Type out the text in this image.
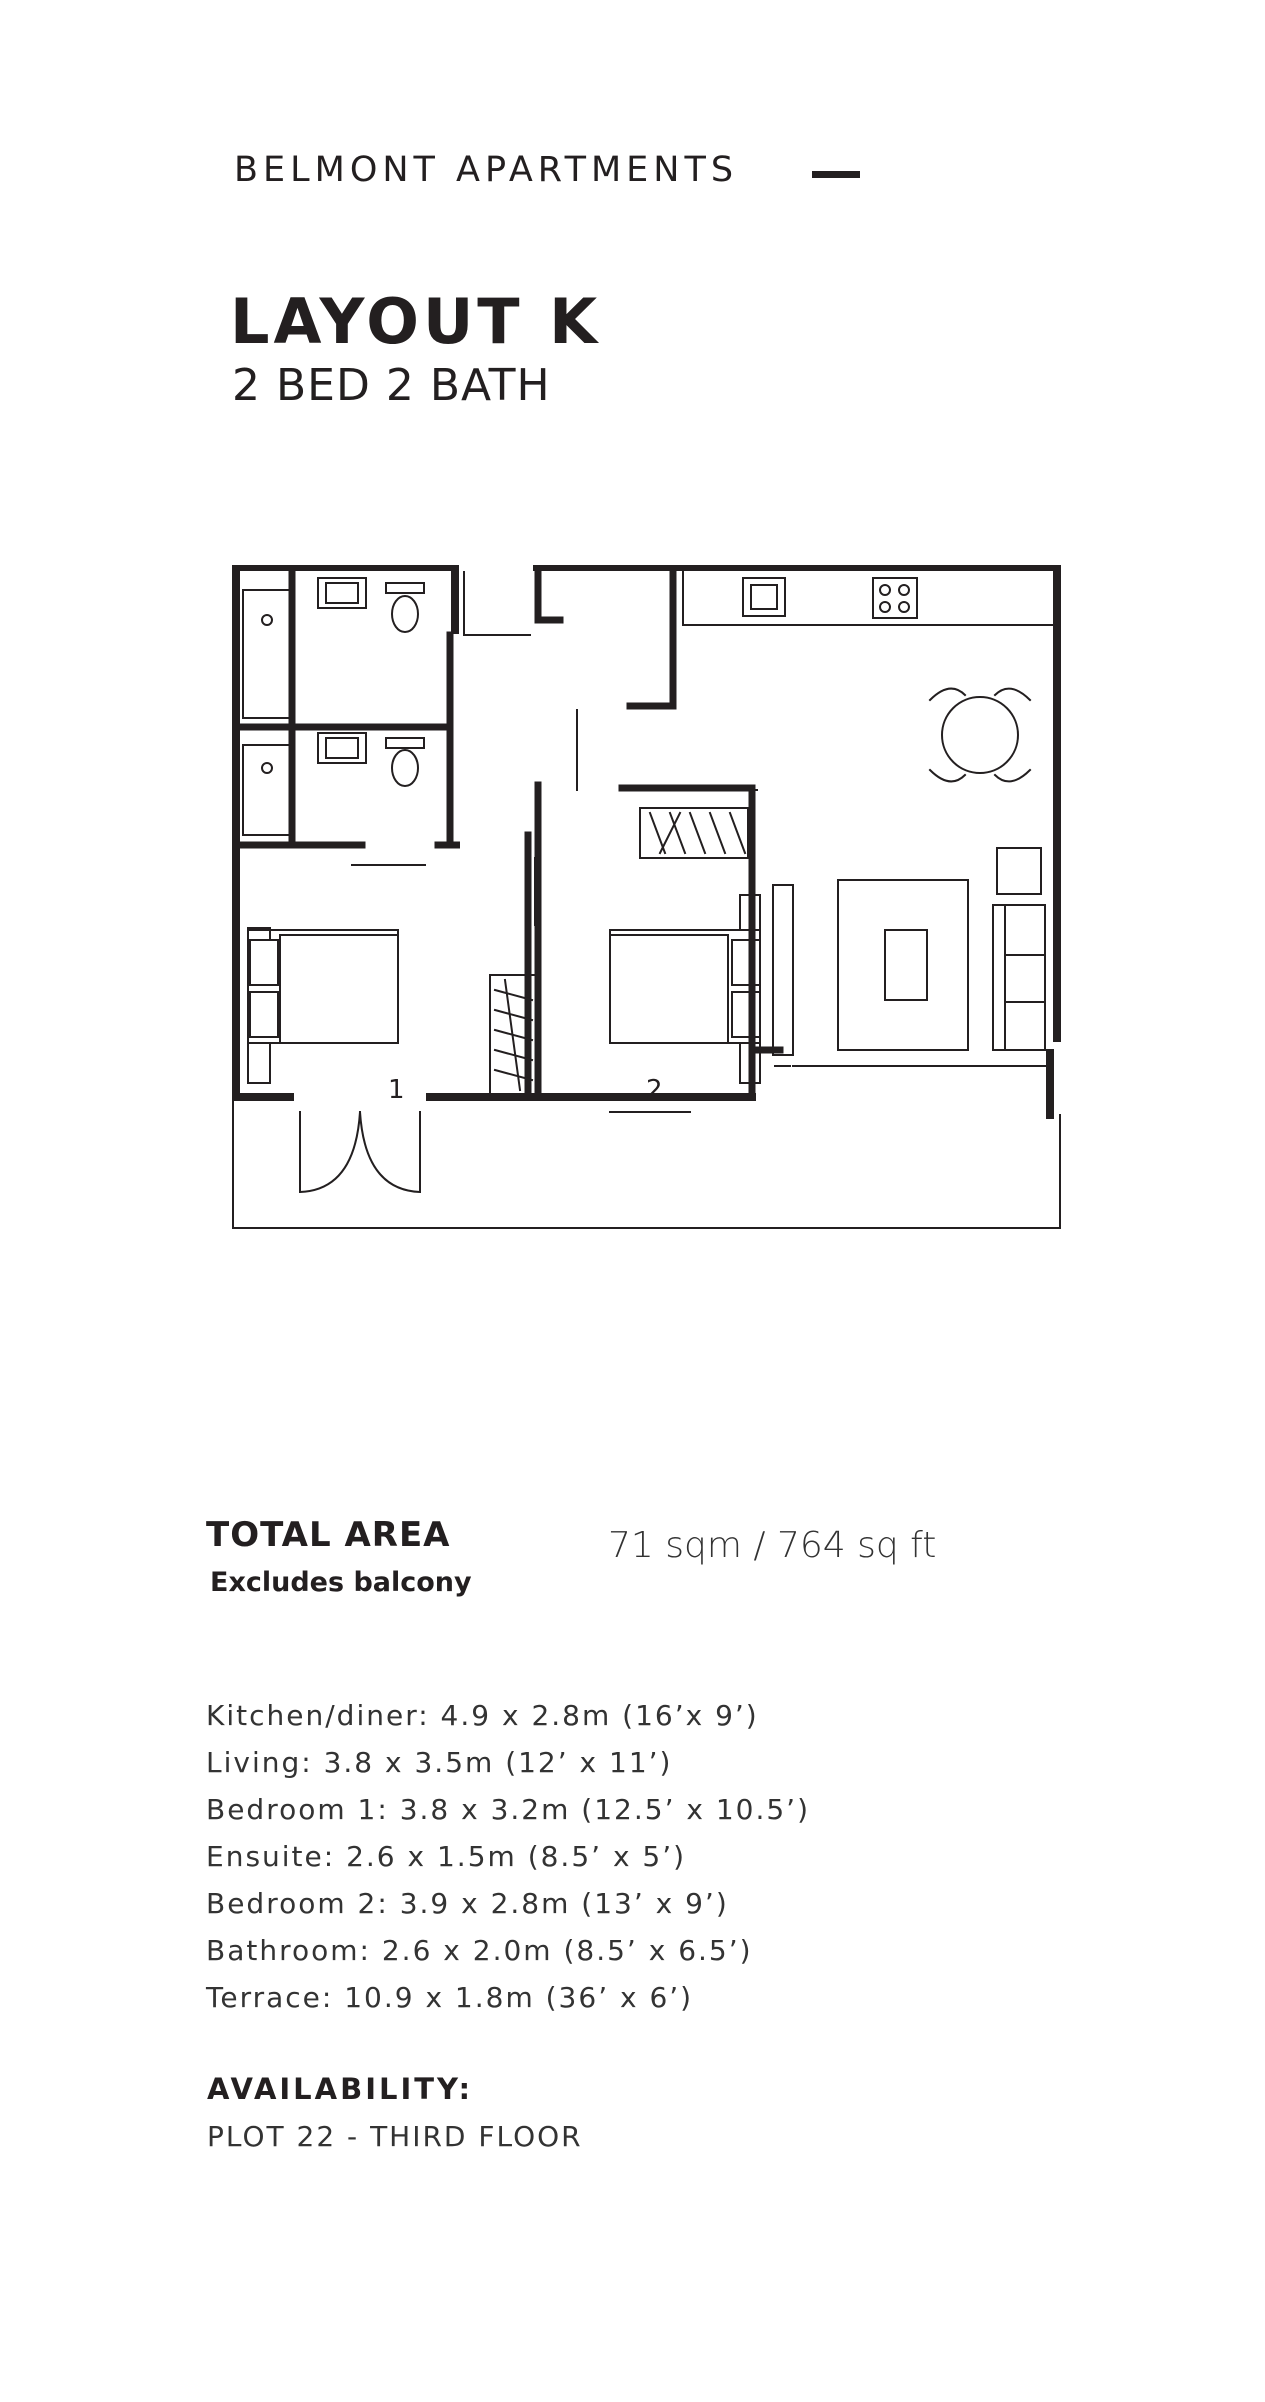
BELMONT APARTMENTS
LAYOUT K
2 BED 2 BATH
1	2
TOTAL AREA
Excludes balcony
71 sqm / 764 sq ft
Kitchen/diner: 4.9 x 2.8m (16’x 9’)
Living: 3.8 x 3.5m (12’ x 11’)
Bedroom 1: 3.8 x 3.2m (12.5’ x 10.5’)
Ensuite: 2.6 x 1.5m (8.5’ x 5’)
Bedroom 2: 3.9 x 2.8m (13’ x 9’)
Bathroom: 2.6 x 2.0m (8.5’ x 6.5’)
Terrace: 10.9 x 1.8m (36’ x 6’)
AVAILABILITY:
PLOT 22 - THIRD FLOOR
